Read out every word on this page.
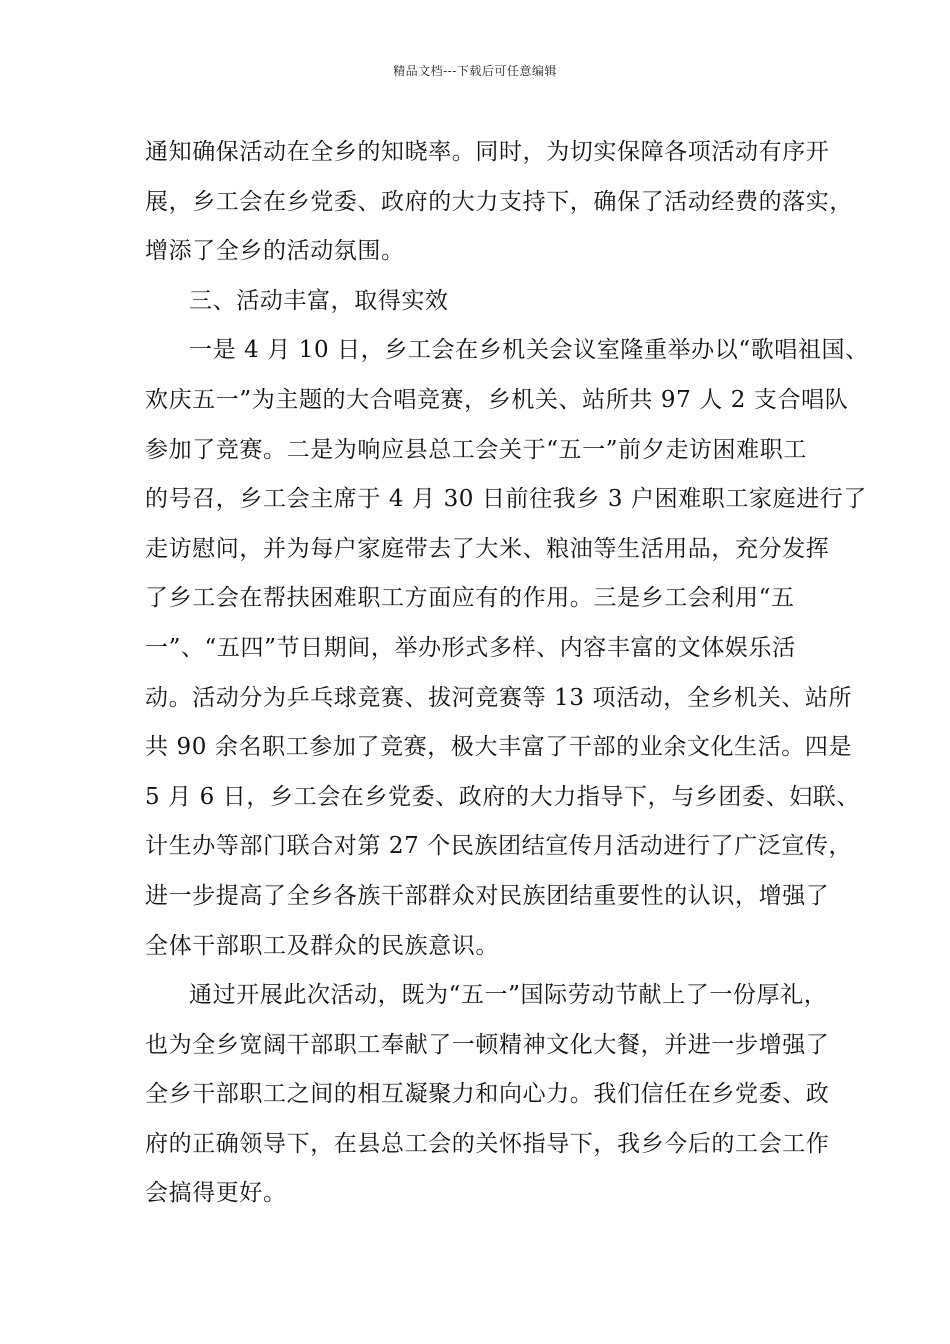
精品文档---下载后可任意编辑
通知确保活动在全乡的知晓率。同时，为切实保障各项活动有序开
展，乡工会在乡党委、政府的大力支持下，确保了活动经费的落实，
增添了全乡的活动氛围。
三、活动丰富，取得实效
一是 4 月 10 日，乡工会在乡机关会议室隆重举办以“歌唱祖国、
欢庆五一”为主题的大合唱竞赛，乡机关、站所共 97 人 2 支合唱队
参加了竞赛。二是为响应县总工会关于“五一”前夕走访困难职工
的号召，乡工会主席于 4 月 30 日前往我乡 3 户困难职工家庭进行了
走访慰问，并为每户家庭带去了大米、粮油等生活用品，充分发挥
了乡工会在帮扶困难职工方面应有的作用。三是乡工会利用“五
一”、“五四”节日期间，举办形式多样、内容丰富的文体娱乐活
动。活动分为乒乓球竞赛、拔河竞赛等 13 项活动，全乡机关、站所
共 90 余名职工参加了竞赛，极大丰富了干部的业余文化生活。四是
5 月 6 日，乡工会在乡党委、政府的大力指导下，与乡团委、妇联、
计生办等部门联合对第 27 个民族团结宣传月活动进行了广泛宣传，
进一步提高了全乡各族干部群众对民族团结重要性的认识，增强了
全体干部职工及群众的民族意识。
通过开展此次活动，既为“五一”国际劳动节献上了一份厚礼，
也为全乡宽阔干部职工奉献了一顿精神文化大餐，并进一步增强了
全乡干部职工之间的相互凝聚力和向心力。我们信任在乡党委、政
府的正确领导下，在县总工会的关怀指导下，我乡今后的工会工作
会搞得更好。
